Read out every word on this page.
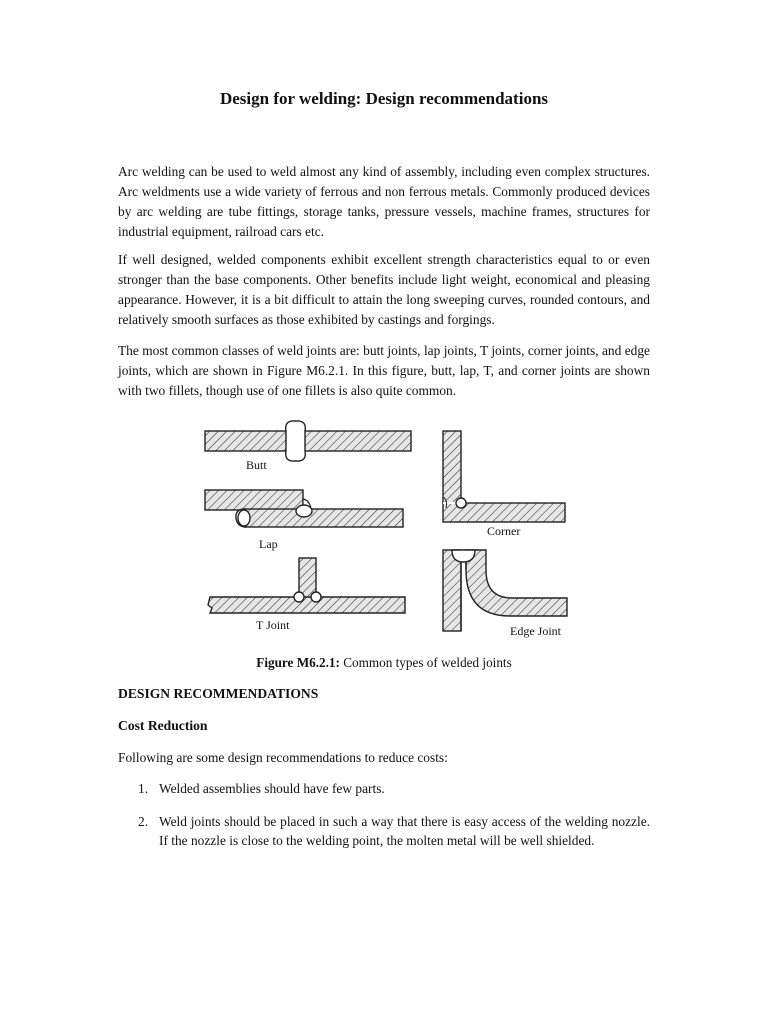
Design for welding: Design recommendations
Arc welding can be used to weld almost any kind of assembly, including even complex structures. Arc weldments use a wide variety of ferrous and non ferrous metals. Commonly produced devices by arc welding are tube fittings, storage tanks, pressure vessels, machine frames, structures for industrial equipment, railroad cars etc.
If well designed, welded components exhibit excellent strength characteristics equal to or even stronger than the base components. Other benefits include light weight, economical and pleasing appearance. However, it is a bit difficult to attain the long sweeping curves, rounded contours, and relatively smooth surfaces as those exhibited by castings and forgings.
The most common classes of weld joints are: butt joints, lap joints, T joints, corner joints, and edge joints, which are shown in Figure M6.2.1. In this figure, butt, lap, T, and corner joints are shown with two fillets, though use of one fillets is also quite common.
Butt
Lap
T Joint
Corner
Edge Joint
Figure M6.2.1: Common types of welded joints
DESIGN RECOMMENDATIONS
Cost Reduction
Following are some design recommendations to reduce costs:
1. Welded assemblies should have few parts.
2. Weld joints should be placed in such a way that there is easy access of the welding nozzle. If the nozzle is close to the welding point, the molten metal will be well shielded.
